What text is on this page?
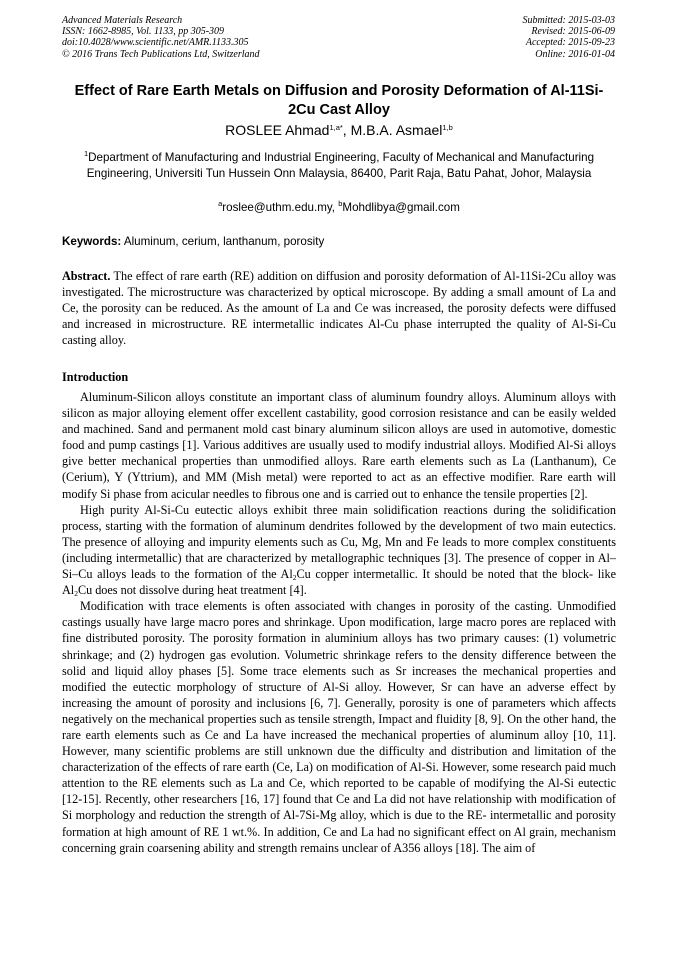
Advanced Materials Research
ISSN: 1662-8985, Vol. 1133, pp 305-309
doi:10.4028/www.scientific.net/AMR.1133.305
© 2016 Trans Tech Publications Ltd, Switzerland
Submitted: 2015-03-03
Revised: 2015-06-09
Accepted: 2015-09-23
Online: 2016-01-04
Effect of Rare Earth Metals on Diffusion and Porosity Deformation of Al-11Si-2Cu Cast Alloy
ROSLEE Ahmad$^{1,a*}$, M.B.A. Asmael$^{1,b}$
$^1$Department of Manufacturing and Industrial Engineering, Faculty of Mechanical and Manufacturing Engineering, Universiti Tun Hussein Onn Malaysia, 86400, Parit Raja, Batu Pahat, Johor, Malaysia
$^a$roslee@uthm.edu.my, $^b$Mohdlibya@gmail.com
Keywords: Aluminum, cerium, lanthanum, porosity
Abstract. The effect of rare earth (RE) addition on diffusion and porosity deformation of Al-11Si-2Cu alloy was investigated. The microstructure was characterized by optical microscope. By adding a small amount of La and Ce, the porosity can be reduced. As the amount of La and Ce was increased, the porosity defects were diffused and increased in microstructure. RE intermetallic indicates Al-Cu phase interrupted the quality of Al-Si-Cu casting alloy.
Introduction

Aluminum-Silicon alloys constitute an important class of aluminum foundry alloys. Aluminum alloys with silicon as major alloying element offer excellent castability, good corrosion resistance and can be easily welded and machined. Sand and permanent mold cast binary aluminum silicon alloys are used in automotive, domestic food and pump castings [1]. Various additives are usually used to modify industrial alloys. Modified Al-Si alloys give better mechanical properties than unmodified alloys. Rare earth elements such as La (Lanthanum), Ce (Cerium), Y (Yttrium), and MM (Mish metal) were reported to act as an effective modifier. Rare earth will modify Si phase from acicular needles to fibrous one and is carried out to enhance the tensile properties [2].

High purity Al-Si-Cu eutectic alloys exhibit three main solidification reactions during the solidification process, starting with the formation of aluminum dendrites followed by the development of two main eutectics. The presence of alloying and impurity elements such as Cu, Mg, Mn and Fe leads to more complex constituents (including intermetallic) that are characterized by metallographic techniques [3]. The presence of copper in Al–Si–Cu alloys leads to the formation of the $Al_2Cu$ copper intermetallic. It should be noted that the block- like $Al_2Cu$ does not dissolve during heat treatment [4].

Modification with trace elements is often associated with changes in porosity of the casting. Unmodified castings usually have large macro pores and shrinkage. Upon modification, large macro pores are replaced with fine distributed porosity. The porosity formation in aluminium alloys has two primary causes: (1) volumetric shrinkage; and (2) hydrogen gas evolution. Volumetric shrinkage refers to the density difference between the solid and liquid alloy phases [5]. Some trace elements such as Sr increases the mechanical properties and modified the eutectic morphology of structure of Al-Si alloy. However, Sr can have an adverse effect by increasing the amount of porosity and inclusions [6, 7]. Generally, porosity is one of parameters which affects negatively on the mechanical properties such as tensile strength, Impact and fluidity [8, 9]. On the other hand, the rare earth elements such as Ce and La have increased the mechanical properties of aluminum alloy [10, 11]. However, many scientific problems are still unknown due the difficulty and distribution and limitation of the characterization of the effects of rare earth (Ce, La) on modification of Al-Si. However, some research paid much attention to the RE elements such as La and Ce, which reported to be capable of modifying the Al-Si eutectic [12-15]. Recently, other researchers [16, 17] found that Ce and La did not have relationship with modification of Si morphology and reduction the strength of Al-7Si-Mg alloy, which is due to the RE- intermetallic and porosity formation at high amount of RE 1 wt.%. In addition, Ce and La had no significant effect on Al grain, mechanism concerning grain coarsening ability and strength remains unclear of A356 alloys [18]. The aim of
